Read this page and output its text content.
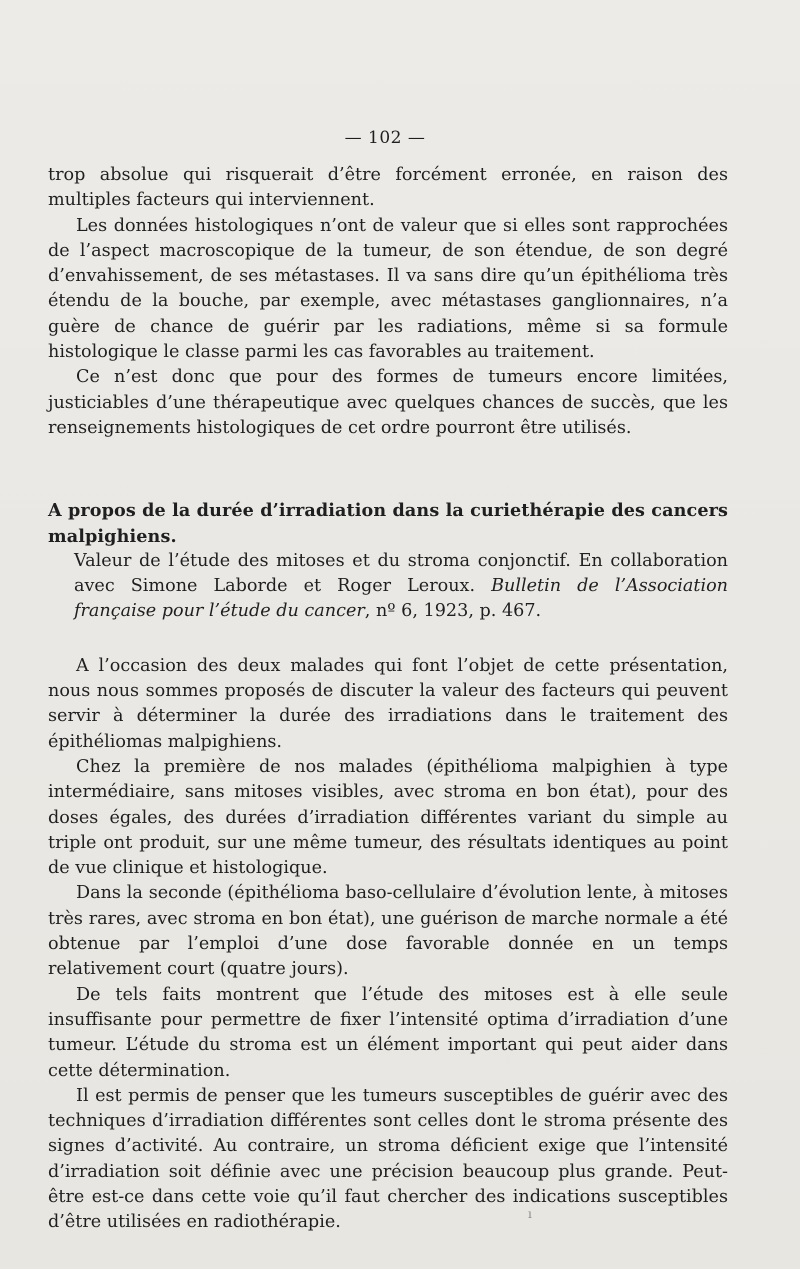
— 102 —

trop absolue qui risquerait d’être forcément erronée, en raison des multiples facteurs qui interviennent.

Les données histologiques n’ont de valeur que si elles sont rapprochées de l’aspect macroscopique de la tumeur, de son étendue, de son degré d’envahissement, de ses métastases. Il va sans dire qu’un épithélioma très étendu de la bouche, par exemple, avec métastases ganglionnaires, n’a guère de chance de guérir par les radiations, même si sa formule histologique le classe parmi les cas favorables au traitement.

Ce n’est donc que pour des formes de tumeurs encore limitées, justiciables d’une thérapeutique avec quelques chances de succès, que les renseignements histologiques de cet ordre pourront être utilisés.

A propos de la durée d’irradiation dans la curiethérapie des cancers malpighiens.

Valeur de l’étude des mitoses et du stroma conjonctif. En collaboration avec Simone Laborde et Roger Leroux. Bulletin de l’Association française pour l’étude du cancer, nº 6, 1923, p. 467.

A l’occasion des deux malades qui font l’objet de cette présentation, nous nous sommes proposés de discuter la valeur des facteurs qui peuvent servir à déterminer la durée des irradiations dans le traitement des épithéliomas malpighiens.

Chez la première de nos malades (épithélioma malpighien à type intermédiaire, sans mitoses visibles, avec stroma en bon état), pour des doses égales, des durées d’irradiation différentes variant du simple au triple ont produit, sur une même tumeur, des résultats identiques au point de vue clinique et histologique.

Dans la seconde (épithélioma baso-cellulaire d’évolution lente, à mitoses très rares, avec stroma en bon état), une guérison de marche normale a été obtenue par l’emploi d’une dose favorable donnée en un temps relativement court (quatre jours).

De tels faits montrent que l’étude des mitoses est à elle seule insuffisante pour permettre de fixer l’intensité optima d’irradiation d’une tumeur. L’étude du stroma est un élément important qui peut aider dans cette détermination.

Il est permis de penser que les tumeurs susceptibles de guérir avec des techniques d’irradiation différentes sont celles dont le stroma présente des signes d’activité. Au contraire, un stroma déficient exige que l’intensité d’irradiation soit définie avec une précision beaucoup plus grande. Peut-être est-ce dans cette voie qu’il faut chercher des indications susceptibles d’être utilisées en radiothérapie.	ı
